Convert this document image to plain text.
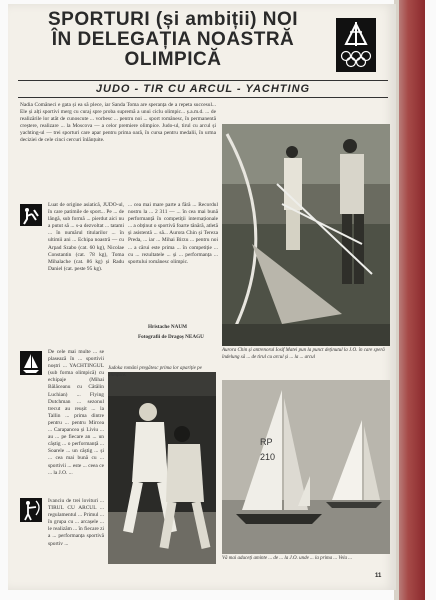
SPORTURI (și ambiții) NOI
ÎN DELEGAȚIA NOASTRĂ
OLIMPICĂ
JUDO - TIR CU ARCUL - YACHTING

Nadia Comăneci e gata și ea să plece, iar Sanda Toma are speranța de a repeta succesul... Ele și alți sportivi merg cu curaj spre proba supremă a unui ciclu olimpic... ș.a.m.d. ... de realizările lor atât de cunoscute ... vorbesc ... pentru noi ... sport românesc, în permanentă creștere, realizare ... la Moscova — a celor premiere olimpice. Judo-ul, tirul cu arcul și yachting-ul — trei sporturi care apar pentru prima oară, în cursa pentru medalii, în urma deciziei de cele cinci cercuri înlănțuite.

Luat de origine asiatică, JUDO-ul, în care patimile de sport... Pe ... de lângă, sub formă ... pierdut aici nu a putut să ... s-a dezvoltat ... tatami ... în numărul titularilor ... în ultimii ani ... Echipa noastră — cu Arpad Szabo (cat. 60 kg), Nicolae Constantin (cat. 78 kg), Toma Mihalache (cat. 86 kg) și Radu Daniel (cat. peste 95 kg).

... cea mai mare parte a fără ... Recordul nostru la ... 2 311 — ... în cea mai bună performanță în competiții internaționale ... a obținut o sportivă foarte tânără, atletă și asistentă ... să... Aurora Chin și Tereza Preda, ... iar ... Mihai Birzu ... pentru noi ... a cărui este prima ... în competiție ... cu ... rezultatele ... și ... performanța ... sportului românesc olimpic.

Hristache NAUM
Fotografii de Dragoș NEAGU
Aurora Chin și antrenorul Iosif Matei pun la punct deținutul la J.O. în care speră îndelung să ... de tirul cu arcul și ... la ... arcul

De cele mai multe ... se plasează în ... sportivii noștri ... YACHTINGUL (sub forma olimpică) cu echipaje (Mihai Bălăceanu cu Cătălin Luchian) ... Flying Dutchman ... sezonul trecut au reușit ... la Tallin ... prima dintre pentru ... pentru Mircea ... Carapancea și Liviu ... au ... pe fiecare an ... un câștig ... o performanță ... Soarele ... un câștig ... și ... cea mai bună cu ... sportivii ... este ... ceea ce ... la J.O. ...

RP
210
Vă mai aduceți aminte ... de ... la J.O. unde ... la prima ... Vela ...

Ivanciu de trei lovituri ... TIRUL CU ARCUL ... regulamentul ... Primul ... în grupa cu ... arcașele ... le realizăm ... în fiecare zi a ... performanța sportivă sportiv ...

Judoka români pregătesc prima lor apariție pe olimpice.
11
